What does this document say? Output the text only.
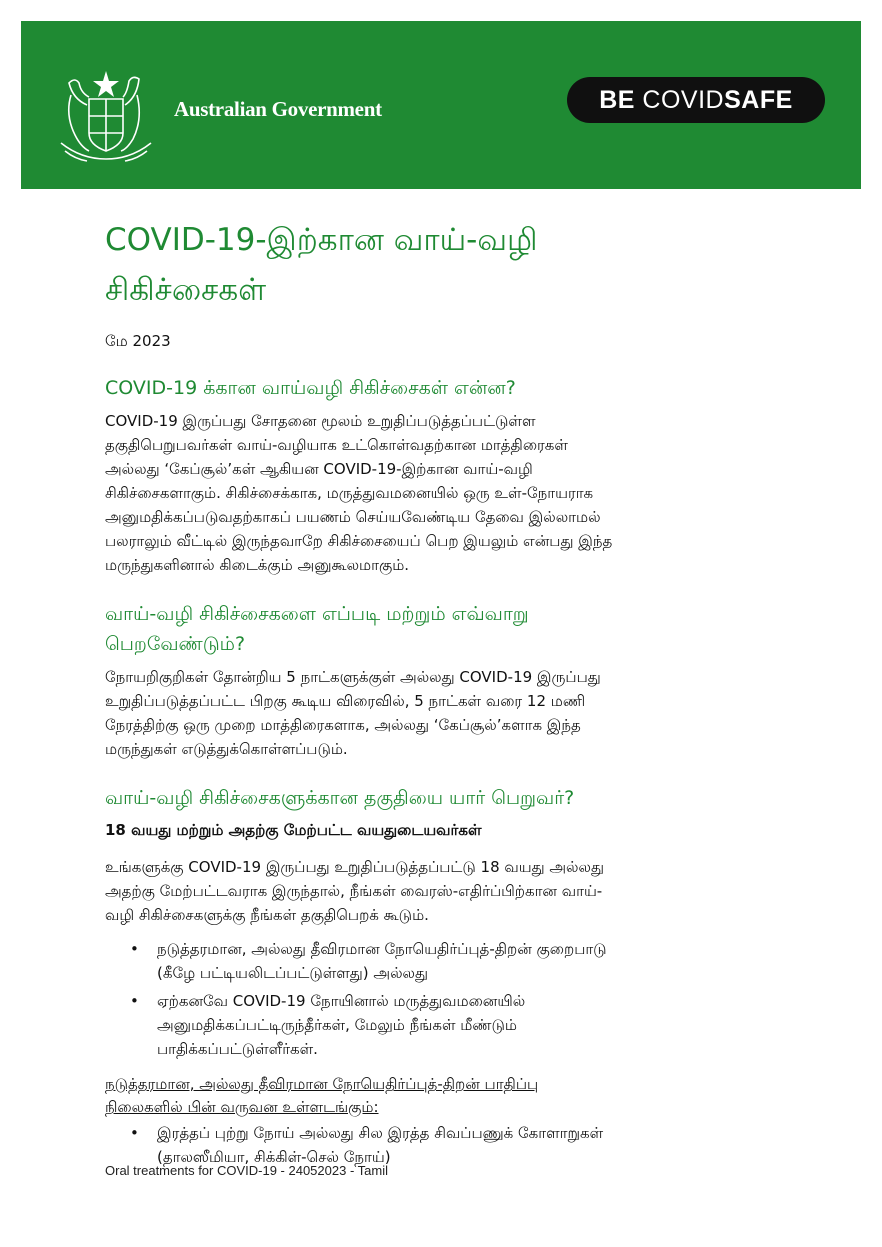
Australian Government	BE
COVID SAFE
COVID-19-இற்கான வாய்-வழி
சிகிச்சைகள்

மே 2023

COVID-19 க்கான வாய்வழி சிகிச்சைகள் என்ன?

COVID-19 இருப்பது சோதனை மூலம் உறுதிப்படுத்தப்பட்டுள்ள
தகுதிபெறுபவர்கள் வாய்-வழியாக உட்கொள்வதற்கான மாத்திரைகள்
அல்லது ‘கேப்சூல்’கள் ஆகியன COVID-19-இற்கான வாய்-வழி
சிகிச்சைகளாகும். சிகிச்சைக்காக, மருத்துவமனையில் ஒரு உள்-நோயராக
அனுமதிக்கப்படுவதற்காகப் பயணம் செய்யவேண்டிய தேவை இல்லாமல்
பலராலும் வீட்டில் இருந்தவாறே சிகிச்சையைப் பெற இயலும் என்பது இந்த
மருந்துகளினால் கிடைக்கும் அனுகூலமாகும்.

வாய்-வழி சிகிச்சைகளை எப்படி மற்றும் எவ்வாறு
பெறவேண்டும்?

நோயறிகுறிகள் தோன்றிய 5 நாட்களுக்குள் அல்லது COVID-19 இருப்பது
உறுதிப்படுத்தப்பட்ட பிறகு கூடிய விரைவில், 5 நாட்கள் வரை 12 மணி
நேரத்திற்கு ஒரு முறை மாத்திரைகளாக, அல்லது ‘கேப்சூல்’களாக இந்த
மருந்துகள் எடுத்துக்கொள்ளப்படும்.

வாய்-வழி சிகிச்சைகளுக்கான தகுதியை யார் பெறுவர்?

18 வயது மற்றும் அதற்கு மேற்பட்ட வயதுடையவர்கள்

உங்களுக்கு COVID-19 இருப்பது உறுதிப்படுத்தப்பட்டு 18 வயது அல்லது
அதற்கு மேற்பட்டவராக இருந்தால், நீங்கள் வைரஸ்-எதிர்ப்பிற்கான வாய்-
வழி சிகிச்சைகளுக்கு நீங்கள் தகுதிபெறக் கூடும்.

• நடுத்தரமான, அல்லது தீவிரமான நோயெதிர்ப்புத்-திறன் குறைபாடு
(கீழே பட்டியலிடப்பட்டுள்ளது) அல்லது
• ஏற்கனவே COVID-19 நோயினால் மருத்துவமனையில்
அனுமதிக்கப்பட்டிருந்தீர்கள், மேலும் நீங்கள் மீண்டும்
பாதிக்கப்பட்டுள்ளீர்கள்.

நடுத்தரமான, அல்லது தீவிரமான நோயெதிர்ப்புத்-திறன் பாதிப்பு
நிலைகளில் பின் வருவன உள்ளடங்கும்:

• இரத்தப் புற்று நோய் அல்லது சில இரத்த சிவப்பணுக் கோளாறுகள்
(தாலஸீமியா, சிக்கிள்-செல் நோய்)
Oral treatments for COVID-19 - 24052023 - Tamil
